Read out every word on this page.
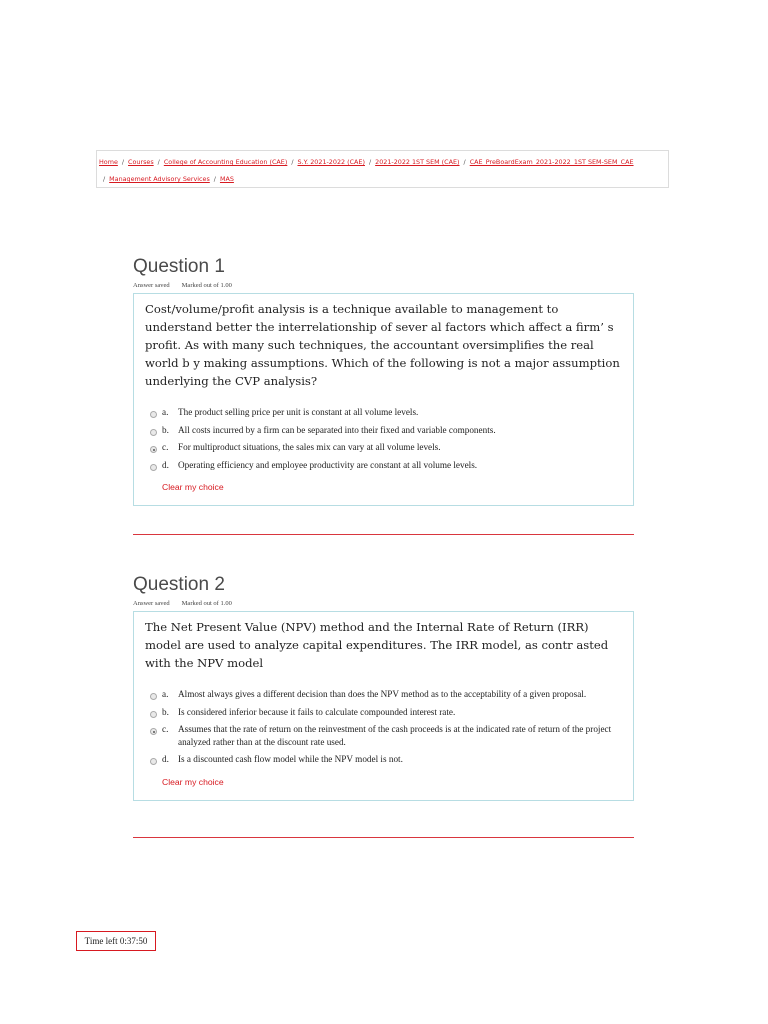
Home / Courses / College of Accounting Education (CAE) / S.Y. 2021-2022 (CAE) / 2021-2022 1ST SEM (CAE) / CAE_PreBoardExam_2021-2022_1ST SEM-SEM_CAE
/ Management Advisory Services / MAS
Question 1
Answer saved Marked out of 1.00

Cost/volume/profit analysis is a technique available to management to understand better the interrelationship of sever al factors which affect a firm’ s profit. As with many such techniques, the accountant oversimplifies the real world b y making assumptions. Which of the following is not a major assumption underlying the CVP analysis?

a.	The product selling price per unit is constant at all volume levels.
b. All costs incurred by a firm can be separated into their fixed and variable components.
c.	For multiproduct situations, the sales mix can vary at all volume levels.
d. Operating efficiency and employee productivity are constant at all volume levels.
Clear my choice
Question 2
Answer saved Marked out of 1.00

The Net Present Value (NPV) method and the Internal Rate of Return (IRR) model are used to analyze capital expenditures. The IRR model, as contr asted with the NPV model

a.	Almost always gives a different decision than does the NPV method as to the acceptability of a given proposal.
b. Is considered inferior because it fails to calculate compounded interest rate.
c.	Assumes that the rate of return on the reinvestment of the cash proceeds is at the indicated rate of return of the project analyzed rather than at the discount rate used.
d. Is a discounted cash flow model while the NPV model is not.
Clear my choice
Time left 0:37:50
